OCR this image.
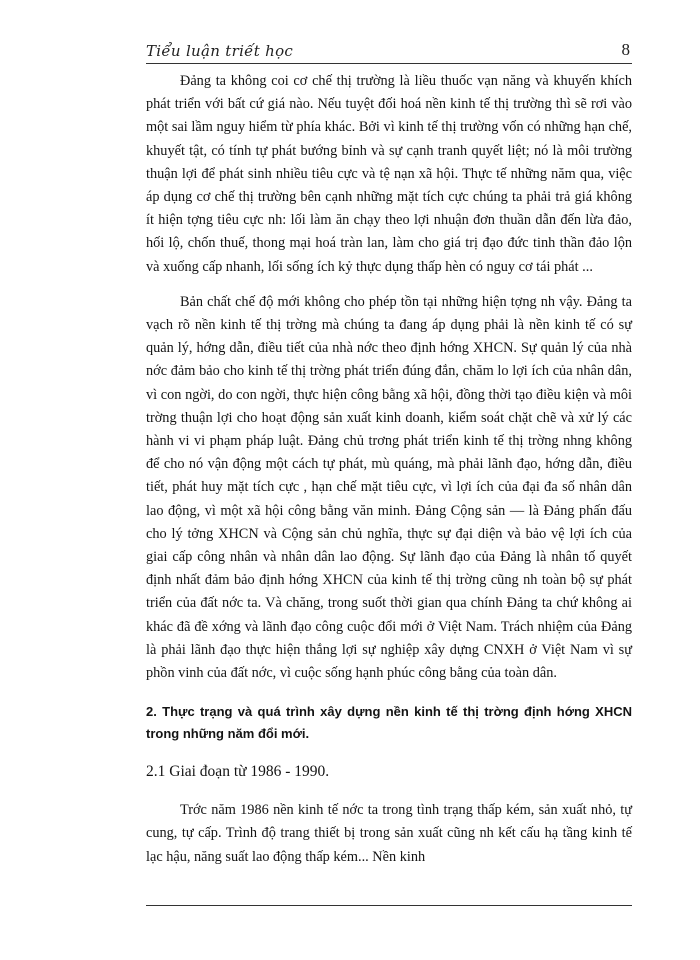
Tiểu luận triết học	8

Đảng ta không coi cơ chế thị trường là liều thuốc vạn năng và khuyến khích phát triển với bất cứ giá nào. Nếu tuyệt đối hoá nền kinh tế thị trường thì sẽ rơi vào một sai lầm nguy hiểm từ phía khác. Bởi vì kinh tế thị trường vốn có những hạn chế, khuyết tật, có tính tự phát bướng bỉnh và sự cạnh tranh quyết liệt; nó là môi trường thuận lợi để phát sinh nhiều tiêu cực và tệ nạn xã hội. Thực tế những năm qua, việc áp dụng cơ chế thị trường bên cạnh những mặt tích cực chúng ta phải trả giá không ít hiện tợng tiêu cực nh: lối làm ăn chạy theo lợi nhuận đơn thuần dẫn đến lừa đảo, hối lộ, chốn thuế, thong mại hoá tràn lan, làm cho giá trị đạo đức tinh thần đảo lộn và xuống cấp nhanh, lối sống ích kỷ thực dụng thấp hèn có nguy cơ tái phát ...

Bản chất chế độ mới không cho phép tồn tại những hiện tợng nh vậy. Đảng ta vạch rõ nền kinh tế thị trờng mà chúng ta đang áp dụng phải là nền kinh tế có sự quản lý, hớng dẫn, điều tiết của nhà nớc theo định hớng XHCN. Sự quản lý của nhà nớc đảm bảo cho kinh tế thị trờng phát triển đúng đắn, chăm lo lợi ích của nhân dân, vì con ngời, do con ngời, thực hiện công bằng xã hội, đồng thời tạo điều kiện và môi trờng thuận lợi cho hoạt động sản xuất kinh doanh, kiểm soát chặt chẽ và xử lý các hành vi vi phạm pháp luật. Đảng chủ trơng phát triển kinh tế thị trờng nhng không để cho nó vận động một cách tự phát, mù quáng, mà phải lãnh đạo, hớng dẫn, điều tiết, phát huy mặt tích cực , hạn chế mặt tiêu cực, vì lợi ích của đại đa số nhân dân lao động, vì một xã hội công bằng văn minh. Đảng Cộng sản — là Đảng phấn đấu cho lý tởng XHCN và Cộng sản chủ nghĩa, thực sự đại diện và bảo vệ lợi ích của giai cấp công nhân và nhân dân lao động. Sự lãnh đạo của Đảng là nhân tố quyết định nhất đảm bảo định hớng XHCN của kinh tế thị trờng cũng nh toàn bộ sự phát triển của đất nớc ta. Và chăng, trong suốt thời gian qua chính Đảng ta chứ không ai khác đã đề xớng và lãnh đạo công cuộc đổi mới ở Việt Nam. Trách nhiệm của Đảng là phải lãnh đạo thực hiện thắng lợi sự nghiệp xây dựng CNXH ở Việt Nam vì sự phồn vinh của đất nớc, vì cuộc sống hạnh phúc công bằng của toàn dân.

2. Thực trạng và quá trình xây dựng nền kinh tế thị trờng định hớng XHCN trong những năm đổi mới.

2.1 Giai đoạn từ 1986 - 1990.

Trớc năm 1986 nền kinh tế nớc ta trong tình trạng thấp kém, sản xuất nhỏ, tự cung, tự cấp. Trình độ trang thiết bị trong sản xuất cũng nh kết cấu hạ tầng kinh tế lạc hậu, năng suất lao động thấp kém... Nền kinh
